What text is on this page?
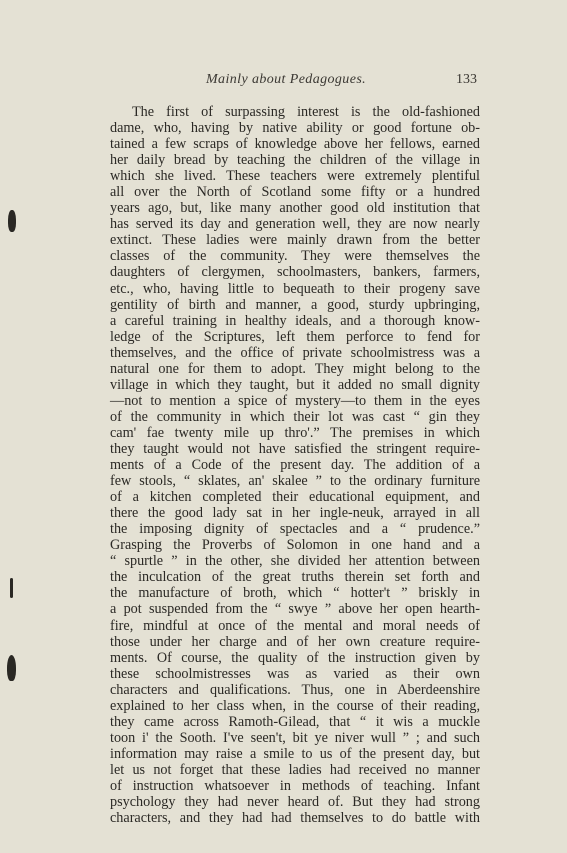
Mainly about Pedagogues.	133
The first of surpassing interest is the old-fashioned
dame, who, having by native ability or good fortune ob-
tained a few scraps of knowledge above her fellows, earned
her daily bread by teaching the children of the village in
which she lived. These teachers were extremely plentiful
all over the North of Scotland some fifty or a hundred
years ago, but, like many another good old institution that
has served its day and generation well, they are now nearly
extinct. These ladies were mainly drawn from the better
classes of the community. They were themselves the
daughters of clergymen, schoolmasters, bankers, farmers,
etc., who, having little to bequeath to their progeny save
gentility of birth and manner, a good, sturdy upbringing,
a careful training in healthy ideals, and a thorough know-
ledge of the Scriptures, left them perforce to fend for
themselves, and the office of private schoolmistress was a
natural one for them to adopt. They might belong to the
village in which they taught, but it added no small dignity
—not to mention a spice of mystery—to them in the eyes
of the community in which their lot was cast “ gin they
cam' fae twenty mile up thro'.” The premises in which
they taught would not have satisfied the stringent require-
ments of a Code of the present day. The addition of a
few stools, “ sklates, an' skalee ” to the ordinary furniture
of a kitchen completed their educational equipment, and
there the good lady sat in her ingle-neuk, arrayed in all
the imposing dignity of spectacles and a “ prudence.”
Grasping the Proverbs of Solomon in one hand and a
“ spurtle ” in the other, she divided her attention between
the inculcation of the great truths therein set forth and
the manufacture of broth, which “ hotter't ” briskly in
a pot suspended from the “ swye ” above her open hearth-
fire, mindful at once of the mental and moral needs of
those under her charge and of her own creature require-
ments. Of course, the quality of the instruction given by
these schoolmistresses was as varied as their own
characters and qualifications. Thus, one in Aberdeenshire
explained to her class when, in the course of their reading,
they came across Ramoth-Gilead, that “ it wis a muckle
toon i' the Sooth. I've seen't, bit ye niver wull ” ; and such
information may raise a smile to us of the present day, but
let us not forget that these ladies had received no manner
of instruction whatsoever in methods of teaching. Infant
psychology they had never heard of. But they had strong
characters, and they had had themselves to do battle with
